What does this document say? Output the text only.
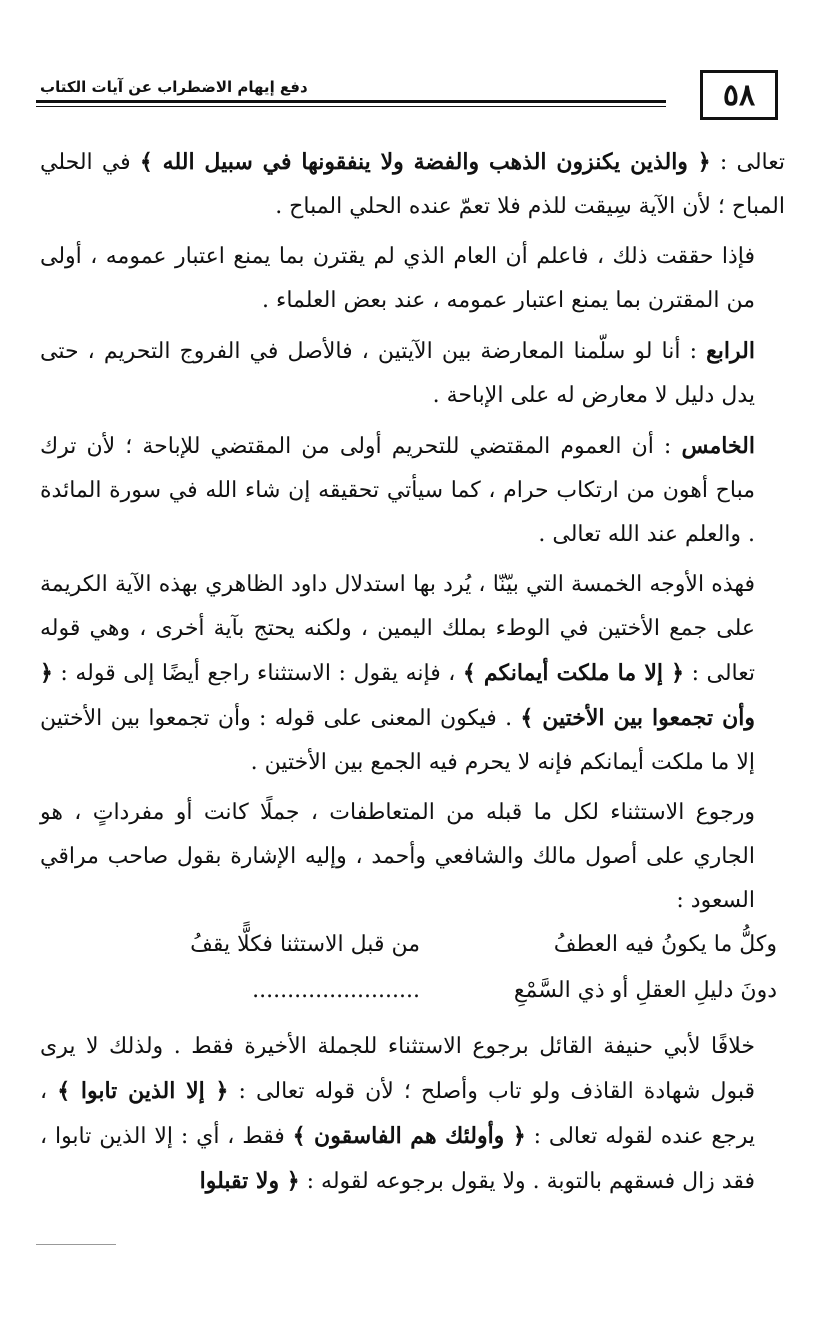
٥٨
دفع إيهام الاضطراب عن آيات الكتاب

تعالى : ﴿ والذين يكنزون الذهب والفضة ولا ينفقونها في سبيل الله ﴾ في الحلي المباح ؛ لأن الآية سِيقت للذم فلا تعمّ عنده الحلي المباح .

فإذا حققت ذلك ، فاعلم أن العام الذي لم يقترن بما يمنع اعتبار عمومه ، أولى من المقترن بما يمنع اعتبار عمومه ، عند بعض العلماء .

الرابع : أنا لو سلّمنا المعارضة بين الآيتين ، فالأصل في الفروج التحريم ، حتى يدل دليل لا معارض له على الإباحة .

الخامس : أن العموم المقتضي للتحريم أولى من المقتضي للإباحة ؛ لأن ترك مباح أهون من ارتكاب حرام ، كما سيأتي تحقيقه إن شاء الله في سورة المائدة . والعلم عند الله تعالى .

فهذه الأوجه الخمسة التي بيّنّا ، يُرد بها استدلال داود الظاهري بهذه الآية الكريمة على جمع الأختين في الوطء بملك اليمين ، ولكنه يحتج بآية أخرى ، وهي قوله تعالى : ﴿ إلا ما ملكت أيمانكم ﴾ ، فإنه يقول : الاستثناء راجع أيضًا إلى قوله : ﴿ وأن تجمعوا بين الأختين ﴾ . فيكون المعنى على قوله : وأن تجمعوا بين الأختين إلا ما ملكت أيمانكم فإنه لا يحرم فيه الجمع بين الأختين .

ورجوع الاستثناء لكل ما قبله من المتعاطفات ، جملًا كانت أو مفرداتٍ ، هو الجاري على أصول مالك والشافعي وأحمد ، وإليه الإشارة بقول صاحب مراقي السعود :

وكلُّ ما يكونُ فيه العطفُ
من قبل الاستثنا فكلًّا يقفُ
دونَ دليلِ العقلِ أو ذي السَّمْعِ
........................

خلافًا لأبي حنيفة القائل برجوع الاستثناء للجملة الأخيرة فقط . ولذلك لا يرى قبول شهادة القاذف ولو تاب وأصلح ؛ لأن قوله تعالى : ﴿ إلا الذين تابوا ﴾ ، يرجع عنده لقوله تعالى : ﴿ وأولئك هم الفاسقون ﴾ فقط ، أي : إلا الذين تابوا ، فقد زال فسقهم بالتوبة . ولا يقول برجوعه لقوله : ﴿ ولا تقبلوا
